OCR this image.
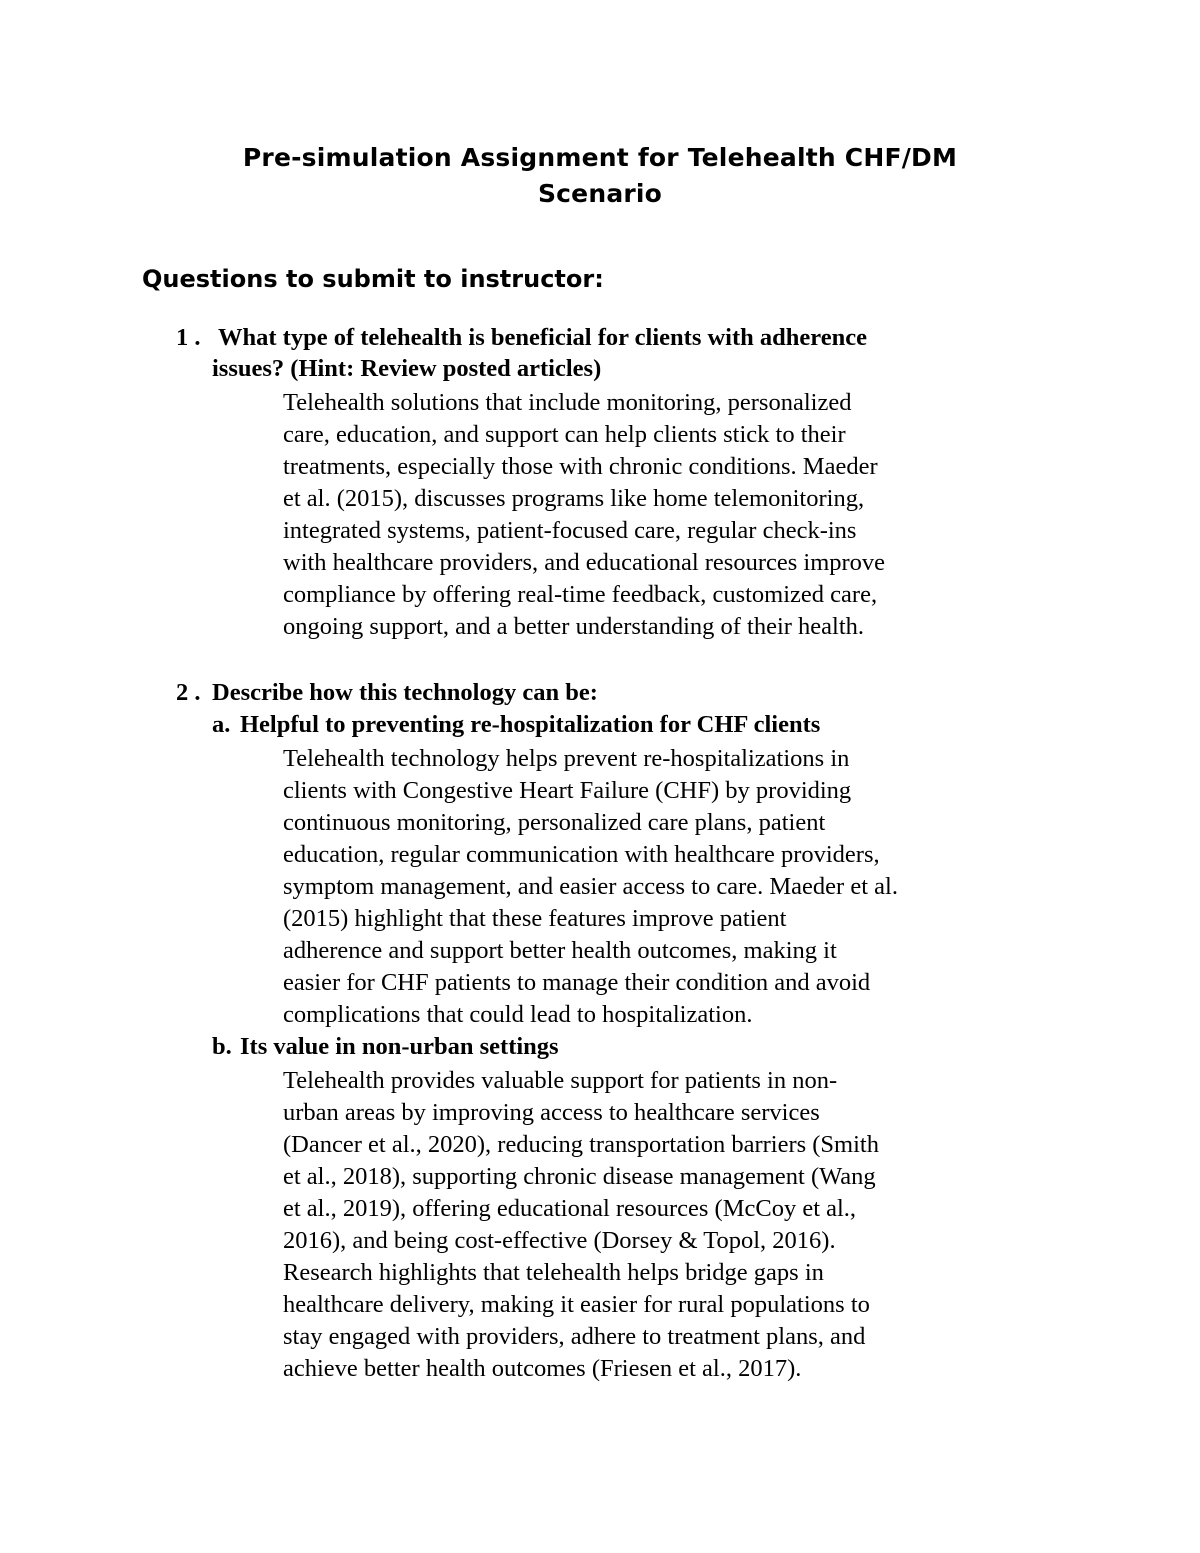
Pre-simulation Assignment for Telehealth CHF/DM
Scenario
Questions to submit to instructor:
1 . What type of telehealth is beneficial for clients with adherence
issues? (Hint: Review posted articles)
Telehealth solutions that include monitoring, personalized
care, education, and support can help clients stick to their
treatments, especially those with chronic conditions. Maeder
et al. (2015), discusses programs like home telemonitoring,
integrated systems, patient-focused care, regular check-ins
with healthcare providers, and educational resources improve
compliance by offering real-time feedback, customized care,
ongoing support, and a better understanding of their health.
2 . Describe how this technology can be:
a. Helpful to preventing re-hospitalization for CHF clients
Telehealth technology helps prevent re-hospitalizations in
clients with Congestive Heart Failure (CHF) by providing
continuous monitoring, personalized care plans, patient
education, regular communication with healthcare providers,
symptom management, and easier access to care. Maeder et al.
(2015) highlight that these features improve patient
adherence and support better health outcomes, making it
easier for CHF patients to manage their condition and avoid
complications that could lead to hospitalization.
b. Its value in non-urban settings
Telehealth provides valuable support for patients in non-
urban areas by improving access to healthcare services
(Dancer et al., 2020), reducing transportation barriers (Smith
et al., 2018), supporting chronic disease management (Wang
et al., 2019), offering educational resources (McCoy et al.,
2016), and being cost-effective (Dorsey & Topol, 2016).
Research highlights that telehealth helps bridge gaps in
healthcare delivery, making it easier for rural populations to
stay engaged with providers, adhere to treatment plans, and
achieve better health outcomes (Friesen et al., 2017).
